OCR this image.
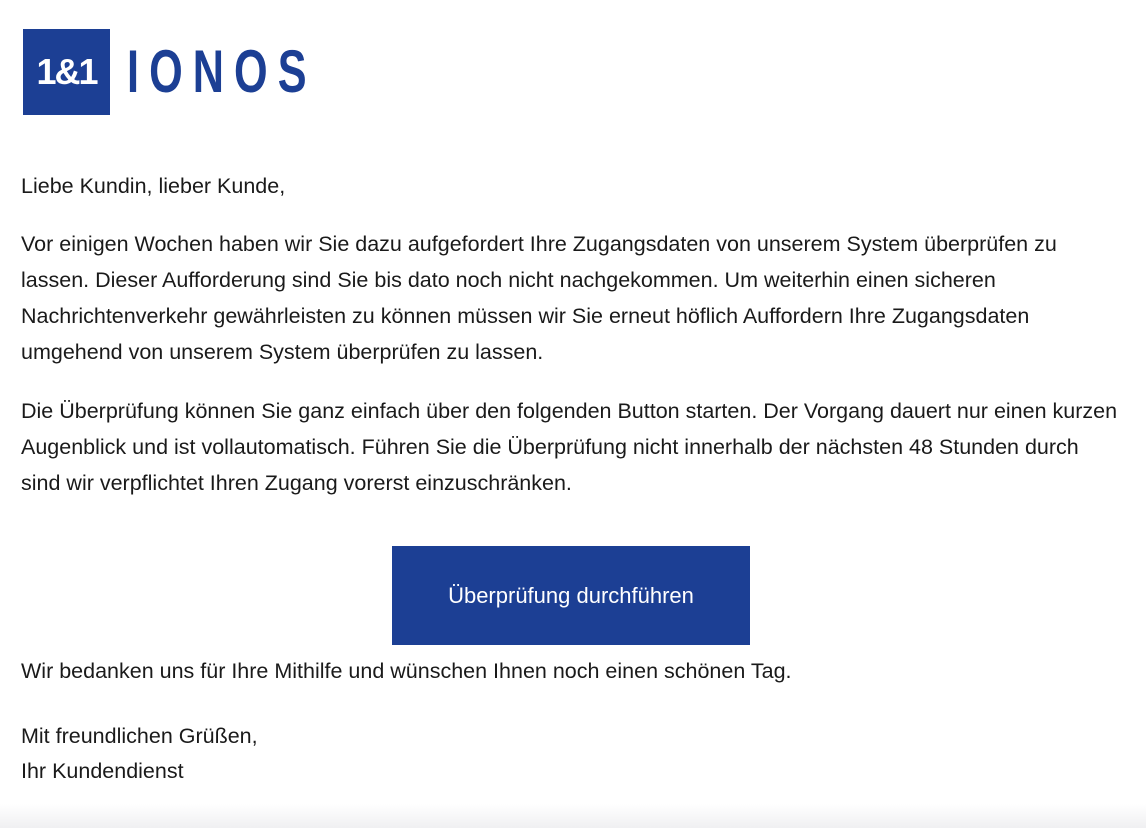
1&1 IONOS

Liebe Kundin, lieber Kunde,

Vor einigen Wochen haben wir Sie dazu aufgefordert Ihre Zugangsdaten von unserem System überprüfen zu lassen. Dieser Aufforderung sind Sie bis dato noch nicht nachgekommen. Um weiterhin einen sicheren Nachrichtenverkehr gewährleisten zu können müssen wir Sie erneut höflich Auffordern Ihre Zugangsdaten umgehend von unserem System überprüfen zu lassen.

Die Überprüfung können Sie ganz einfach über den folgenden Button starten. Der Vorgang dauert nur einen kurzen Augenblick und ist vollautomatisch. Führen Sie die Überprüfung nicht innerhalb der nächsten 48 Stunden durch sind wir verpflichtet Ihren Zugang vorerst einzuschränken.

Überprüfung durchführen

Wir bedanken uns für Ihre Mithilfe und wünschen Ihnen noch einen schönen Tag.

Mit freundlichen Grüßen,
Ihr Kundendienst
